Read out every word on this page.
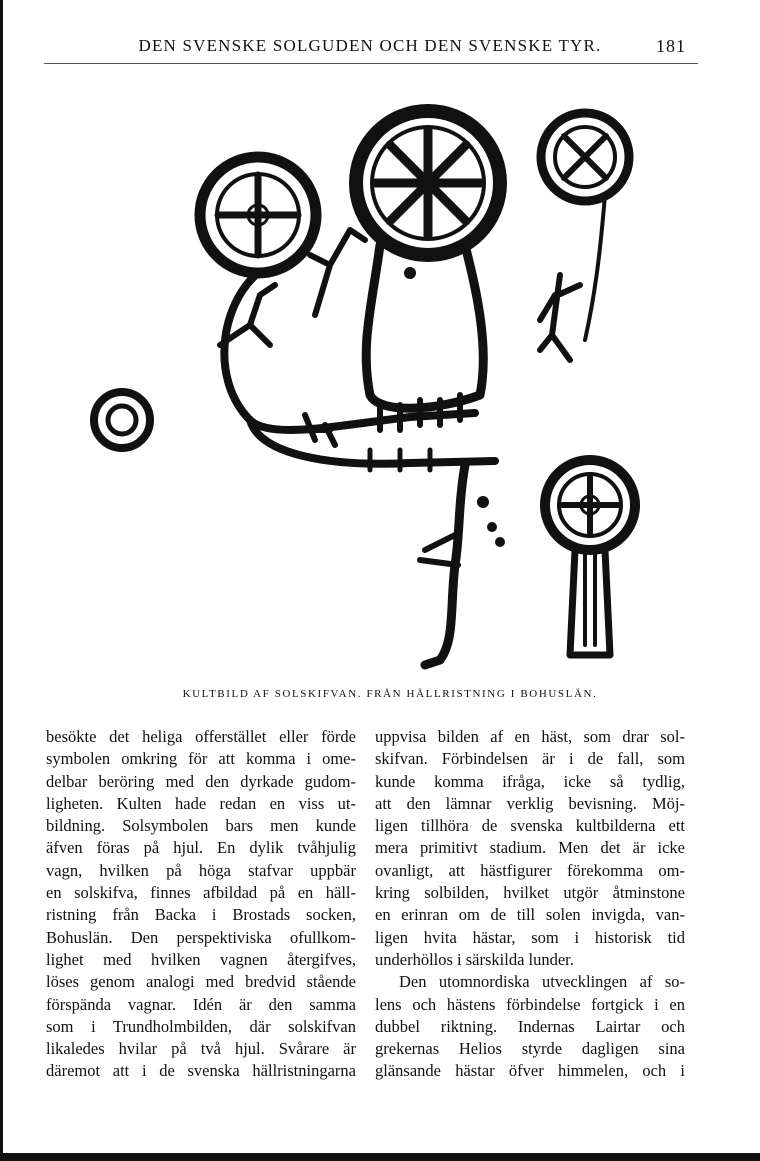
DEN SVENSKE SOLGUDEN OCH DEN SVENSKE TYR.	181
KULTBILD AF SOLSKIFVAN. FRÅN HÄLLRISTNING I BOHUSLÄN.
besökte det heliga offerstället eller förde
symbolen omkring för att komma i ome-
delbar beröring med den dyrkade gudom-
ligheten. Kulten hade redan en viss ut-
bildning. Solsymbolen bars men kunde
äfven föras på hjul. En dylik tvåhjulig
vagn, hvilken på höga stafvar uppbär
en solskifva, finnes afbildad på en häll-
ristning från Backa i Brostads socken,
Bohuslän. Den perspektiviska ofullkom-
lighet med hvilken vagnen återgifves,
löses genom analogi med bredvid stående
förspända vagnar. Idén är den samma
som i Trundholmbilden, där solskifvan
likaledes hvilar på två hjul. Svårare är
däremot att i de svenska hällristningarna
uppvisa bilden af en häst, som drar sol-
skifvan. Förbindelsen är i de fall, som
kunde komma ifråga, icke så tydlig,
att den lämnar verklig bevisning. Möj-
ligen tillhöra de svenska kultbilderna ett
mera primitivt stadium. Men det är icke
ovanligt, att hästfigurer förekomma om-
kring solbilden, hvilket utgör åtminstone
en erinran om de till solen invigda, van-
ligen hvita hästar, som i historisk tid
underhöllos i särskilda lunder.
Den utomnordiska utvecklingen af so-
lens och hästens förbindelse fortgick i en
dubbel riktning. Indernas Lairtar och
grekernas Helios styrde dagligen sina
glänsande hästar öfver himmelen, och i
